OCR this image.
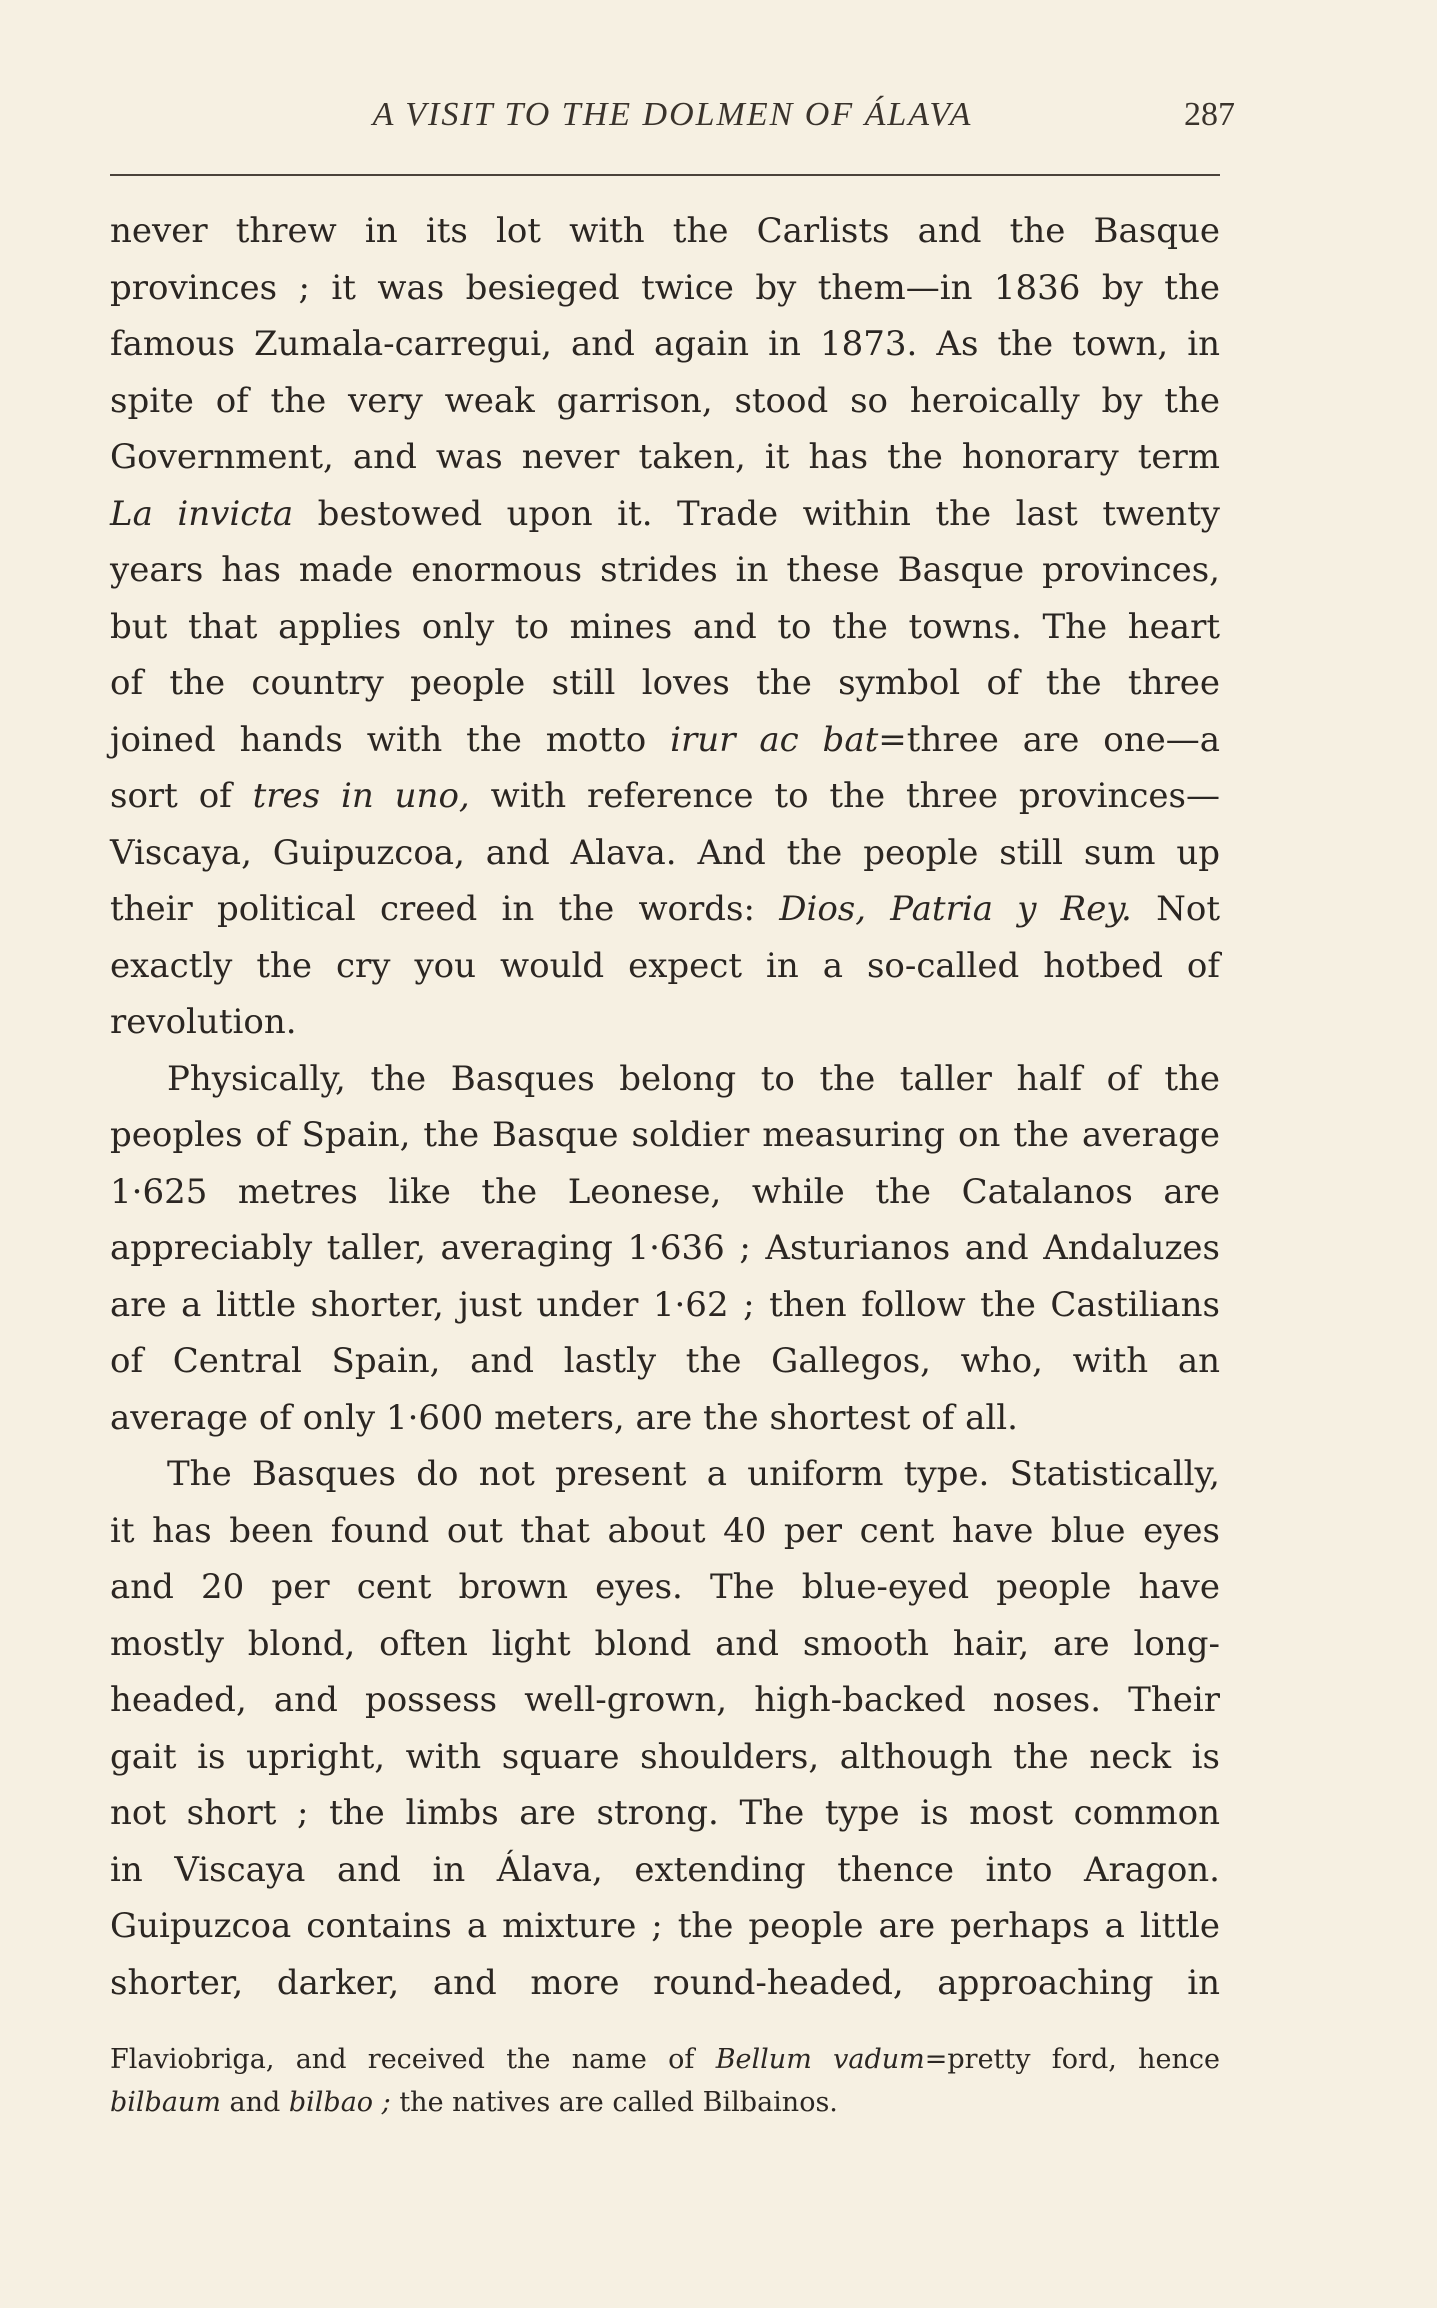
A VISIT TO THE DOLMEN OF ÁLAVA	287

never threw in its lot with the Carlists and the Basque
provinces ; it was besieged twice by them—in 1836 by the
famous Zumala-carregui, and again in 1873. As the town, in
spite of the very weak garrison, stood so heroically by the
Government, and was never taken, it has the honorary term
La invicta bestowed upon it. Trade within the last twenty
years has made enormous strides in these Basque provinces,
but that applies only to mines and to the towns. The heart
of the country people still loves the symbol of the three
joined hands with the motto irur ac bat=three are one—a
sort of tres in uno, with reference to the three provinces—
Viscaya, Guipuzcoa, and Alava. And the people still sum up
their political creed in the words: Dios, Patria y Rey. Not
exactly the cry you would expect in a so-called hotbed of
revolution.

Physically, the Basques belong to the taller half of the
peoples of Spain, the Basque soldier measuring on the average
1·625 metres like the Leonese, while the Catalanos are
appreciably taller, averaging 1·636 ; Asturianos and Andaluzes
are a little shorter, just under 1·62 ; then follow the Castilians
of Central Spain, and lastly the Gallegos, who, with an
average of only 1·600 meters, are the shortest of all.

The Basques do not present a uniform type. Statistically,
it has been found out that about 40 per cent have blue eyes
and 20 per cent brown eyes. The blue-eyed people have
mostly blond, often light blond and smooth hair, are long-
headed, and possess well-grown, high-backed noses. Their
gait is upright, with square shoulders, although the neck is
not short ; the limbs are strong. The type is most common
in Viscaya and in Álava, extending thence into Aragon.
Guipuzcoa contains a mixture ; the people are perhaps a little
shorter, darker, and more round-headed, approaching in

Flaviobriga, and received the name of Bellum vadum=pretty ford, hence
bilbaum and bilbao ; the natives are called Bilbainos.
